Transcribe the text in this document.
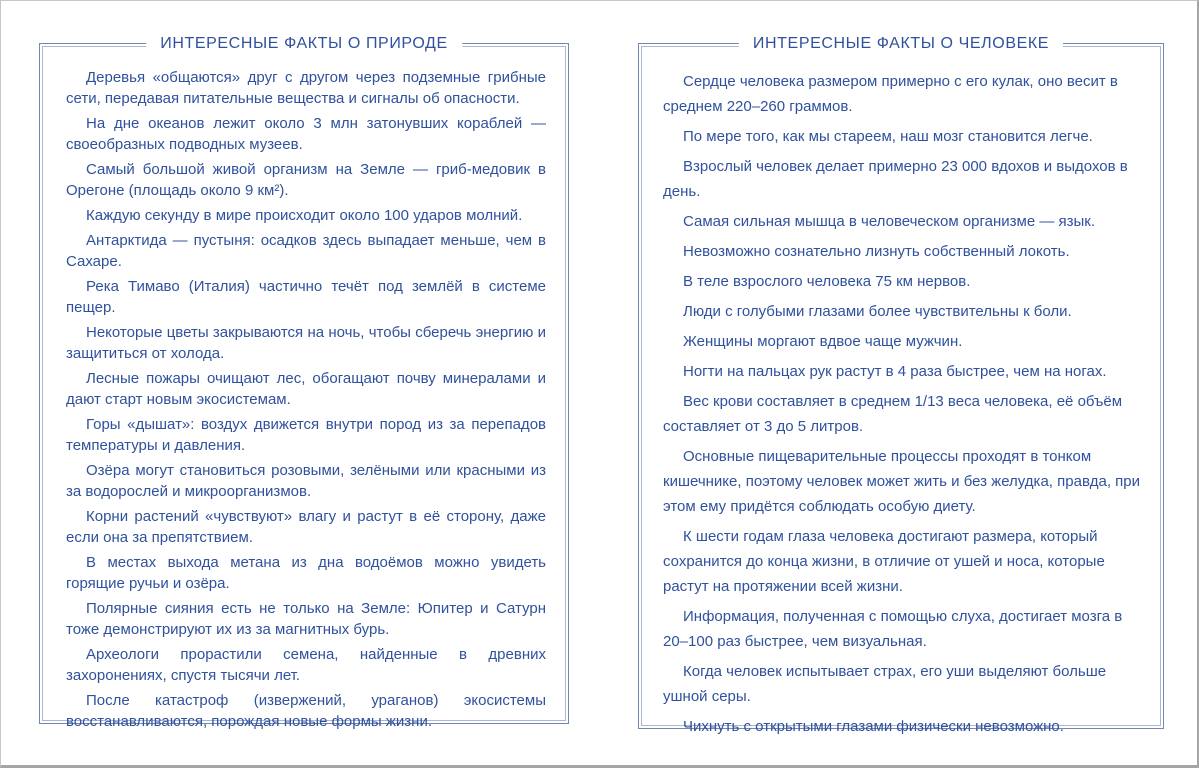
ИНТЕРЕСНЫЕ ФАКТЫ О ПРИРОДЕ

Деревья «общаются» друг с другом через подземные грибные сети, передавая питательные вещества и сигналы об опасности.

На дне океанов лежит около 3 млн затонувших кораблей — своеобразных подводных музеев.

Самый большой живой организм на Земле — гриб-медовик в Орегоне (площадь около 9 км²).

Каждую секунду в мире происходит около 100 ударов молний.

Антарктида — пустыня: осадков здесь выпадает меньше, чем в Сахаре.

Река Тимаво (Италия) частично течёт под землёй в системе пещер.

Некоторые цветы закрываются на ночь, чтобы сберечь энергию и защититься от холода.

Лесные пожары очищают лес, обогащают почву минералами и дают старт новым экосистемам.

Горы «дышат»: воздух движется внутри пород из за перепадов температуры и давления.

Озёра могут становиться розовыми, зелёными или красными из за водорослей и микроорганизмов.

Корни растений «чувствуют» влагу и растут в её сторону, даже если она за препятствием.

В местах выхода метана из дна водоёмов можно увидеть горящие ручьи и озёра.

Полярные сияния есть не только на Земле: Юпитер и Сатурн тоже демонстрируют их из за магнитных бурь.

Археологи прорастили семена, найденные в древних захоронениях, спустя тысячи лет.

После катастроф (извержений, ураганов) экосистемы восстанавливаются, порождая новые формы жизни.

ИНТЕРЕСНЫЕ ФАКТЫ О ЧЕЛОВЕКЕ

Сердце человека размером примерно с его кулак, оно весит в среднем 220–260 граммов.

По мере того, как мы стареем, наш мозг становится легче.

Взрослый человек делает примерно 23 000 вдохов и выдохов в день.

Самая сильная мышца в человеческом организме — язык.

Невозможно сознательно лизнуть собственный локоть.

В теле взрослого человека 75 км нервов.

Люди с голубыми глазами более чувствительны к боли.

Женщины моргают вдвое чаще мужчин.

Ногти на пальцах рук растут в 4 раза быстрее, чем на ногах.

Вес крови составляет в среднем 1/13 веса человека, её объём составляет от 3 до 5 литров.

Основные пищеварительные процессы проходят в тонком кишечнике, поэтому человек может жить и без желудка, правда, при этом ему придётся соблюдать особую диету.

К шести годам глаза человека достигают размера, который сохранится до конца жизни, в отличие от ушей и носа, которые растут на протяжении всей жизни.

Информация, полученная с помощью слуха, достигает мозга в 20–100 раз быстрее, чем визуальная.

Когда человек испытывает страх, его уши выделяют больше ушной серы.

Чихнуть с открытыми глазами физически невозможно.
